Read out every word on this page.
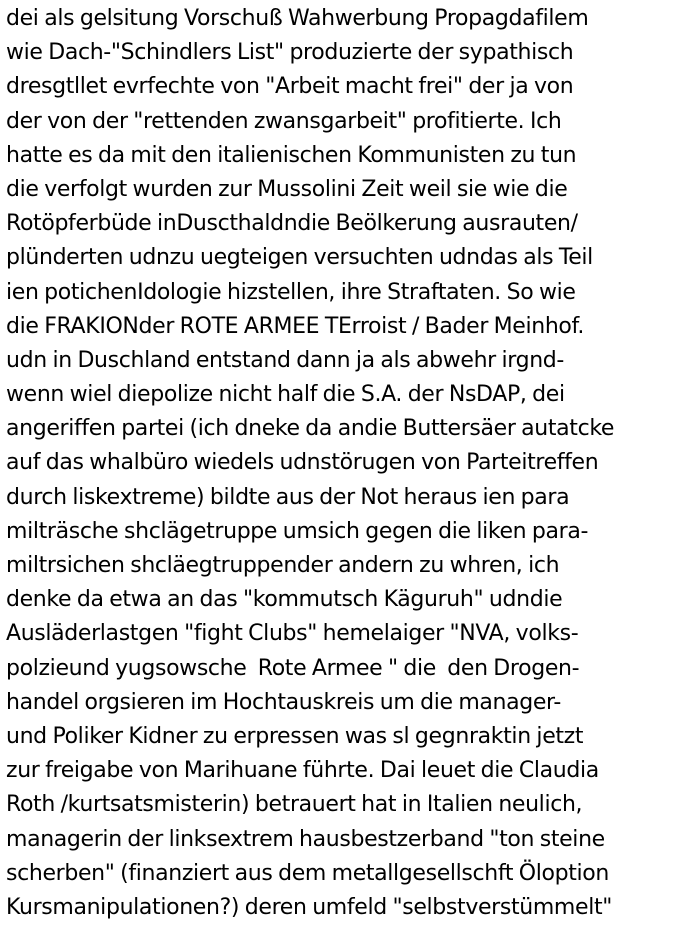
dei als gelsitung Vorschuß Wahwerbung Propagdafilem
wie Dach-"Schindlers List" produzierte der sypathisch
dresgtllet evrfechte von "Arbeit macht frei" der ja von
der von der "rettenden zwansgarbeit" profitierte. Ich
hatte es da mit den italienischen Kommunisten zu tun
die verfolgt wurden zur Mussolini Zeit weil sie wie die
Rotöpferbüde inDuscthaldndie Beölkerung ausrauten/
plünderten udnzu uegteigen versuchten udndas als Teil
ien potichenIdologie hizstellen, ihre Straftaten. So wie
die FRAKIONder ROTE ARMEE TErroist / Bader Meinhof.
udn in Duschland entstand dann ja als abwehr irgnd-
wenn wiel diepolize nicht half die S.A. der NsDAP, dei
angeriffen partei (ich dneke da andie Buttersäer autatcke
auf das whalbüro wiedels udnstörugen von Parteitreffen
durch liskextreme) bildte aus der Not heraus ien para
milträsche shclägetruppe umsich gegen die liken para-
miltrsichen shcläegtruppender andern zu whren, ich
denke da etwa an das "kommutsch Käguruh" udndie
Ausläderlastgen "fight Clubs" hemelaiger "NVA, volks-
polzieund yugsowsche  Rote Armee " die  den Drogen-
handel orgsieren im Hochtauskreis um die manager-
und Poliker Kidner zu erpressen was sl gegnraktin jetzt
zur freigabe von Marihuane führte. Dai leuet die Claudia
Roth /kurtsatsmisterin) betrauert hat in Italien neulich,
managerin der linksextrem hausbestzerband "ton steine
scherben" (finanziert aus dem metallgesellschft Öloption
Kursmanipulationen?) deren umfeld "selbstverstümmelt"
